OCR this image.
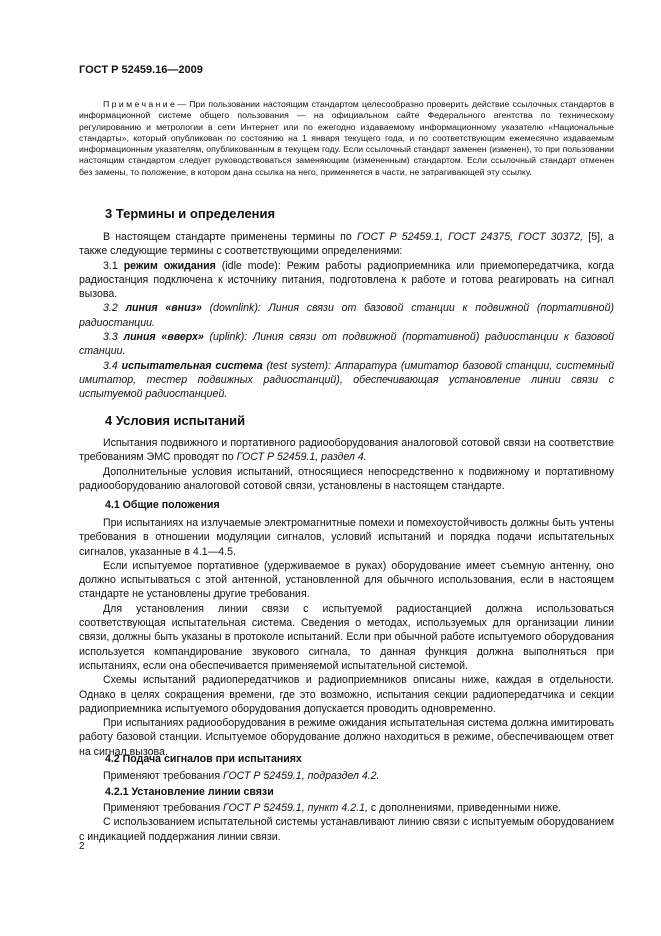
ГОСТ Р 52459.16—2009

Примечание— При пользовании настоящим стандартом целесообразно проверить действие ссылочных стандартов в информационной системе общего пользования — на официальном сайте Федерального агентства по техническому регулированию и метрологии в сети Интернет или по ежегодно издаваемому информационному указателю «Национальные стандарты», который опубликован по состоянию на 1 января текущего года, и по соответствующим ежемесячно издаваемым информационным указателям, опубликованным в текущем году. Если ссылочный стандарт заменен (изменен), то при пользовании настоящим стандартом следует руководствоваться заменяющим (измененным) стандартом. Если ссылочный стандарт отменен без замены, то положение, в котором дана ссылка на него, применяется в части, не затрагивающей эту ссылку.

3 Термины и определения

В настоящем стандарте применены термины по ГОСТ Р 52459.1, ГОСТ 24375, ГОСТ 30372, [5], а также следующие термины с соответствующими определениями:

3.1 режим ожидания (idle mode): Режим работы радиоприемника или приемопередатчика, когда радиостанция подключена к источнику питания, подготовлена к работе и готова реагировать на сигнал вызова.

3.2 линия «вниз» (downlink): Линия связи от базовой станции к подвижной (портативной) радиостанции.

3.3 линия «вверх» (uplink): Линия связи от подвижной (портативной) радиостанции к базовой станции.

3.4 испытательная система (test system): Аппаратура (имитатор базовой станции, системный имитатор, тестер подвижных радиостанций), обеспечивающая установление линии связи с испытуемой радиостанцией.

4 Условия испытаний

Испытания подвижного и портативного радиооборудования аналоговой сотовой связи на соответствие требованиям ЭМС проводят по ГОСТ Р 52459.1, раздел 4.

Дополнительные условия испытаний, относящиеся непосредственно к подвижному и портативному радиооборудованию аналоговой сотовой связи, установлены в настоящем стандарте.

4.1 Общие положения

При испытаниях на излучаемые электромагнитные помехи и помехоустойчивость должны быть учтены требования в отношении модуляции сигналов, условий испытаний и порядка подачи испытательных сигналов, указанные в 4.1—4.5.

Если испытуемое портативное (удерживаемое в руках) оборудование имеет съемную антенну, оно должно испытываться с этой антенной, установленной для обычного использования, если в настоящем стандарте не установлены другие требования.

Для установления линии связи с испытуемой радиостанцией должна использоваться соответствующая испытательная система. Сведения о методах, используемых для организации линии связи, должны быть указаны в протоколе испытаний. Если при обычной работе испытуемого оборудования используется компандирование звукового сигнала, то данная функция должна выполняться при испытаниях, если она обеспечивается применяемой испытательной системой.

Схемы испытаний радиопередатчиков и радиоприемников описаны ниже, каждая в отдельности. Однако в целях сокращения времени, где это возможно, испытания секции радиопередатчика и секции радиоприемника испытуемого оборудования допускается проводить одновременно.

При испытаниях радиооборудования в режиме ожидания испытательная система должна имитировать работу базовой станции. Испытуемое оборудование должно находиться в режиме, обеспечивающем ответ на сигнал вызова.

4.2 Подача сигналов при испытаниях

Применяют требования ГОСТ Р 52459.1, подраздел 4.2.

4.2.1 Установление линии связи

Применяют требования ГОСТ Р 52459.1, пункт 4.2.1, с дополнениями, приведенными ниже.

С использованием испытательной системы устанавливают линию связи с испытуемым оборудованием с индикацией поддержания линии связи.

2
